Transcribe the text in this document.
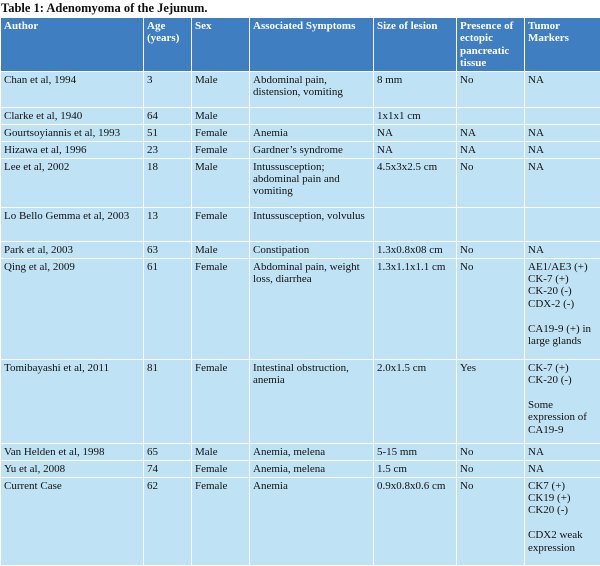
Table 1: Adenomyoma of the Jejunum.
Author	Age (years)	Sex	Associated Symptoms	Size of lesion	Presence of ectopic pancreatic tissue	Tumor Markers
Chan et al, 1994	3	Male	Abdominal pain, distension, vomiting	8 mm	No	NA
Clarke et al, 1940	64	Male		1x1x1 cm		
Gourtsoyiannis et al, 1993	51	Female	Anemia	NA	NA	NA
Hizawa et al, 1996	23	Female	Gardner’s syndrome	NA	NA	NA
Lee et al, 2002	18	Male	Intussusception; abdominal pain and vomiting	4.5x3x2.5 cm	No	NA
Lo Bello Gemma et al, 2003	13	Female	Intussusception, volvulus			
Park et al, 2003	63	Male	Constipation	1.3x0.8x08 cm	No	NA
Qing et al, 2009	61	Female	Abdominal pain, weight loss, diarrhea	1.3x1.1x1.1 cm	No	AE1/AE3 (+)
CK-7 (+)
CK-20 (-)
CDX-2 (-)

CA19-9 (+) in large glands
Tomibayashi et al, 2011	81	Female	Intestinal obstruction, anemia	2.0x1.5 cm	Yes	CK-7 (+)
CK-20 (-)

Some expression of CA19-9
Van Helden et al, 1998	65	Male	Anemia, melena	5-15 mm	No	NA
Yu et al, 2008	74	Female	Anemia, melena	1.5 cm	No	NA
Current Case	62	Female	Anemia	0.9x0.8x0.6 cm	No	CK7 (+)
CK19 (+)
CK20 (-)

CDX2 weak expression
